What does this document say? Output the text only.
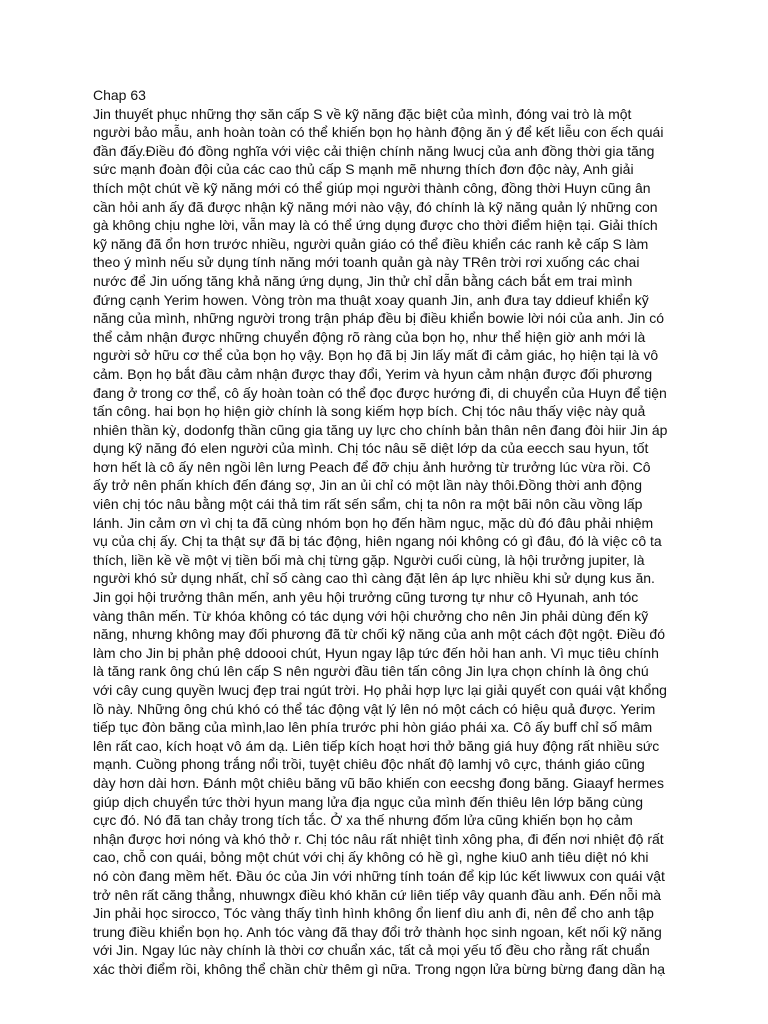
Chap 63
Jin thuyết phục những thợ săn cấp S về kỹ năng đặc biệt của mình, đóng vai trò là một
người bảo mẫu, anh hoàn toàn có thể khiến bọn họ hành động ăn ý để kết liễu con ếch quái
đần đấy.Điều đó đồng nghĩa với việc cải thiện chính năng lwucj của anh đồng thời gia tăng
sức mạnh đoàn đội của các cao thủ cấp S mạnh mẽ nhưng thích đơn độc này, Anh giải
thích một chút về kỹ năng mới có thể giúp mọi người thành công, đồng thời Huyn cũng ân
cần hỏi anh ấy đã được nhận kỹ năng mới nào vậy, đó chính là kỹ năng quản lý những con
gà không chịu nghe lời, vẫn may là có thể ứng dụng được cho thời điểm hiện tại. Giải thích
kỹ năng đã ổn hơn trước nhiều, người quản giáo có thể điều khiển các ranh kẻ cấp S làm
theo ý mình nếu sử dụng tính năng mới toanh quản gà này TRên trời rơi xuống các chai
nước để Jin uống tăng khả năng ứng dụng, Jin thử chỉ dẫn bằng cách bắt em trai mình
đứng cạnh Yerim howen. Vòng tròn ma thuật xoay quanh Jin, anh đưa tay ddieuf khiển kỹ
năng của mình, những người trong trận pháp đều bị điều khiển bowie lời nói của anh. Jin có
thể cảm nhận được những chuyển động rõ ràng của bọn họ, như thể hiện giờ anh mới là
người sở hữu cơ thể của bọn họ vậy. Bọn họ đã bị Jin lấy mất đi cảm giác, họ hiện tại là vô
cảm. Bọn họ bắt đầu cảm nhận được thay đổi, Yerim và hyun cảm nhận được đối phương
đang ở trong cơ thể, cô ấy hoàn toàn có thể đọc được hướng đi, di chuyển của Huyn để tiện
tấn công. hai bọn họ hiện giờ chính là song kiếm hợp bích. Chị tóc nâu thấy việc này quả
nhiên thần kỳ, dodonfg thần cũng gia tăng uy lực cho chính bản thân nên đang đòi hiir Jin áp
dụng kỹ năng đó elen người của mình. Chị tóc nâu sẽ diệt lớp da của eecch sau hyun, tốt
hơn hết là cô ấy nên ngồi lên lưng Peach để đỡ chịu ảnh hưởng từ trưởng lúc vừa rồi. Cô
ấy trở nên phấn khích đến đáng sợ, Jin an ủi chỉ có một lần này thôi.Đồng thời anh động
viên chị tóc nâu bằng một cái thả tim rất sến sẩm, chị ta nôn ra một bãi nôn cầu vồng lấp
lánh. Jin cảm ơn vì chị ta đã cùng nhóm bọn họ đến hầm ngục, mặc dù đó đâu phải nhiệm
vụ của chị ấy. Chị ta thật sự đã bị tác động, hiên ngang nói không có gì đâu, đó là việc cô ta
thích, liền kề về một vị tiền bối mà chị từng gặp. Người cuối cùng, là hội trưởng jupiter, là
người khó sử dụng nhất, chỉ số càng cao thì càng đặt lên áp lực nhiều khi sử dụng kus ăn.
Jin gọi hội trưởng thân mến, anh yêu hội trưởng cũng tương tự như cô Hyunah, anh tóc
vàng thân mến. Từ khóa không có tác dụng với hội chưởng cho nên Jin phải dùng đến kỹ
năng, nhưng không may đối phương đã từ chối kỹ năng của anh một cách đột ngột. Điều đó
làm cho Jin bị phản phệ ddoooi chút, Hyun ngay lập tức đến hỏi han anh. Vì mục tiêu chính
là tăng rank ông chú lên cấp S nên người đầu tiên tấn công Jin lựa chọn chính là ông chú
với cây cung quyền lwucj đẹp trai ngút trời. Họ phải hợp lực lại giải quyết con quái vật khổng
lồ này. Những ông chú khó có thể tác động vật lý lên nó một cách có hiệu quả được. Yerim
tiếp tục đòn băng của mình,lao lên phía trước phi hòn giáo phái xa. Cô ấy buff chỉ số mâm
lên rất cao, kích hoạt vô ám dạ. Liên tiếp kích hoạt hơi thở băng giá huy động rất nhiều sức
mạnh. Cuồng phong trắng nổi trồi, tuyệt chiêu độc nhất độ lamhj vô cực, thánh giáo cũng
dày hơn dài hơn. Đánh một chiêu băng vũ bão khiến con eecshg đong băng. Giaayf hermes
giúp dịch chuyển tức thời hyun mang lửa địa ngục của mình đến thiêu lên lớp băng cùng
cực đó. Nó đã tan chảy trong tích tắc. Ở xa thế nhưng đốm lửa cũng khiến bọn họ cảm
nhận được hơi nóng và khó thở r. Chị tóc nâu rất nhiệt tình xông pha, đi đến nơi nhiệt độ rất
cao, chỗ con quái, bỏng một chút với chị ấy không có hề gì, nghe kiu0 anh tiêu diệt nó khi
nó còn đang mềm hết. Đầu óc của Jin với những tính toán để kịp lúc kết liwwux con quái vật
trở nên rất căng thẳng, nhuwngx điều khó khăn cứ liên tiếp vây quanh đầu anh. Đến nỗi mà
Jin phải học sirocco, Tóc vàng thấy tình hình không ổn lienf dìu anh đi, nên để cho anh tập
trung điều khiển bọn họ. Anh tóc vàng đã thay đổi trở thành học sinh ngoan, kết nối kỹ năng
với Jin. Ngay lúc này chính là thời cơ chuẩn xác, tất cả mọi yếu tố đều cho rằng rất chuẩn
xác thời điểm rồi, không thể chần chừ thêm gì nữa. Trong ngọn lửa bừng bừng đang dần hạ
